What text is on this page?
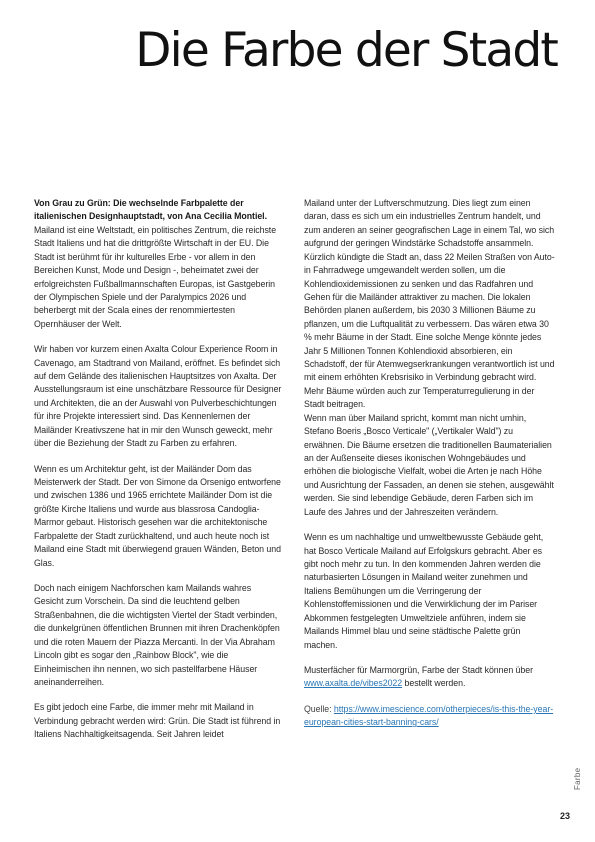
Die Farbe der Stadt

Von Grau zu Grün: Die wechselnde Farbpalette der italienischen Designhauptstadt, von Ana Cecilia Montiel.
Mailand ist eine Weltstadt, ein politisches Zentrum, die reichste Stadt Italiens und hat die drittgrößte Wirtschaft in der EU. Die Stadt ist berühmt für ihr kulturelles Erbe - vor allem in den Bereichen Kunst, Mode und Design -, beheimatet zwei der erfolgreichsten Fußballmannschaften Europas, ist Gastgeberin der Olympischen Spiele und der Paralympics 2026 und beherbergt mit der Scala eines der renommiertesten Opernhäuser der Welt.

Wir haben vor kurzem einen Axalta Colour Experience Room in Cavenago, am Stadtrand von Mailand, eröffnet. Es befindet sich auf dem Gelände des italienischen Hauptsitzes von Axalta. Der Ausstellungsraum ist eine unschätzbare Ressource für Designer und Architekten, die an der Auswahl von Pulverbeschichtungen für ihre Projekte interessiert sind. Das Kennenlernen der Mailänder Kreativszene hat in mir den Wunsch geweckt, mehr über die Beziehung der Stadt zu Farben zu erfahren.

Wenn es um Architektur geht, ist der Mailänder Dom das Meisterwerk der Stadt. Der von Simone da Orsenigo entworfene und zwischen 1386 und 1965 errichtete Mailänder Dom ist die größte Kirche Italiens und wurde aus blassrosa Candoglia-Marmor gebaut. Historisch gesehen war die architektonische Farbpalette der Stadt zurückhaltend, und auch heute noch ist Mailand eine Stadt mit überwiegend grauen Wänden, Beton und Glas.

Doch nach einigem Nachforschen kam Mailands wahres Gesicht zum Vorschein. Da sind die leuchtend gelben Straßenbahnen, die die wichtigsten Viertel der Stadt verbinden, die dunkelgrünen öffentlichen Brunnen mit ihren Drachenköpfen und die roten Mauern der Piazza Mercanti. In der Via Abraham Lincoln gibt es sogar den „Rainbow Block", wie die Einheimischen ihn nennen, wo sich pastellfarbene Häuser aneinanderreihen.

Es gibt jedoch eine Farbe, die immer mehr mit Mailand in Verbindung gebracht werden wird: Grün. Die Stadt ist führend in Italiens Nachhaltigkeitsagenda. Seit Jahren leidet

Mailand unter der Luftverschmutzung. Dies liegt zum einen daran, dass es sich um ein industrielles Zentrum handelt, und zum anderen an seiner geografischen Lage in einem Tal, wo sich aufgrund der geringen Windstärke Schadstoffe ansammeln.

Kürzlich kündigte die Stadt an, dass 22 Meilen Straßen von Auto- in Fahrradwege umgewandelt werden sollen, um die Kohlendioxidemissionen zu senken und das Radfahren und Gehen für die Mailänder attraktiver zu machen. Die lokalen Behörden planen außerdem, bis 2030 3 Millionen Bäume zu pflanzen, um die Luftqualität zu verbessern. Das wären etwa 30 % mehr Bäume in der Stadt. Eine solche Menge könnte jedes Jahr 5 Millionen Tonnen Kohlendioxid absorbieren, ein Schadstoff, der für Atemwegserkrankungen verantwortlich ist und mit einem erhöhten Krebsrisiko in Verbindung gebracht wird. Mehr Bäume würden auch zur Temperaturregulierung in der Stadt beitragen.

Wenn man über Mailand spricht, kommt man nicht umhin, Stefano Boeris „Bosco Verticale" („Vertikaler Wald") zu erwähnen. Die Bäume ersetzen die traditionellen Baumaterialien an der Außenseite dieses ikonischen Wohngebäudes und erhöhen die biologische Vielfalt, wobei die Arten je nach Höhe und Ausrichtung der Fassaden, an denen sie stehen, ausgewählt werden. Sie sind lebendige Gebäude, deren Farben sich im Laufe des Jahres und der Jahreszeiten verändern.

Wenn es um nachhaltige und umweltbewusste Gebäude geht, hat Bosco Verticale Mailand auf Erfolgskurs gebracht. Aber es gibt noch mehr zu tun. In den kommenden Jahren werden die naturbasierten Lösungen in Mailand weiter zunehmen und Italiens Bemühungen um die Verringerung der Kohlenstoffemissionen und die Verwirklichung der im Pariser Abkommen festgelegten Umweltziele anführen, indem sie Mailands Himmel blau und seine städtische Palette grün machen.

Musterfächer für Marmorgrün, Farbe der Stadt können über www.axalta.de/vibes2022 bestellt werden.

Quelle: https://www.imescience.com/otherpieces/is-this-the-year-european-cities-start-banning-cars/

Farbe
23
